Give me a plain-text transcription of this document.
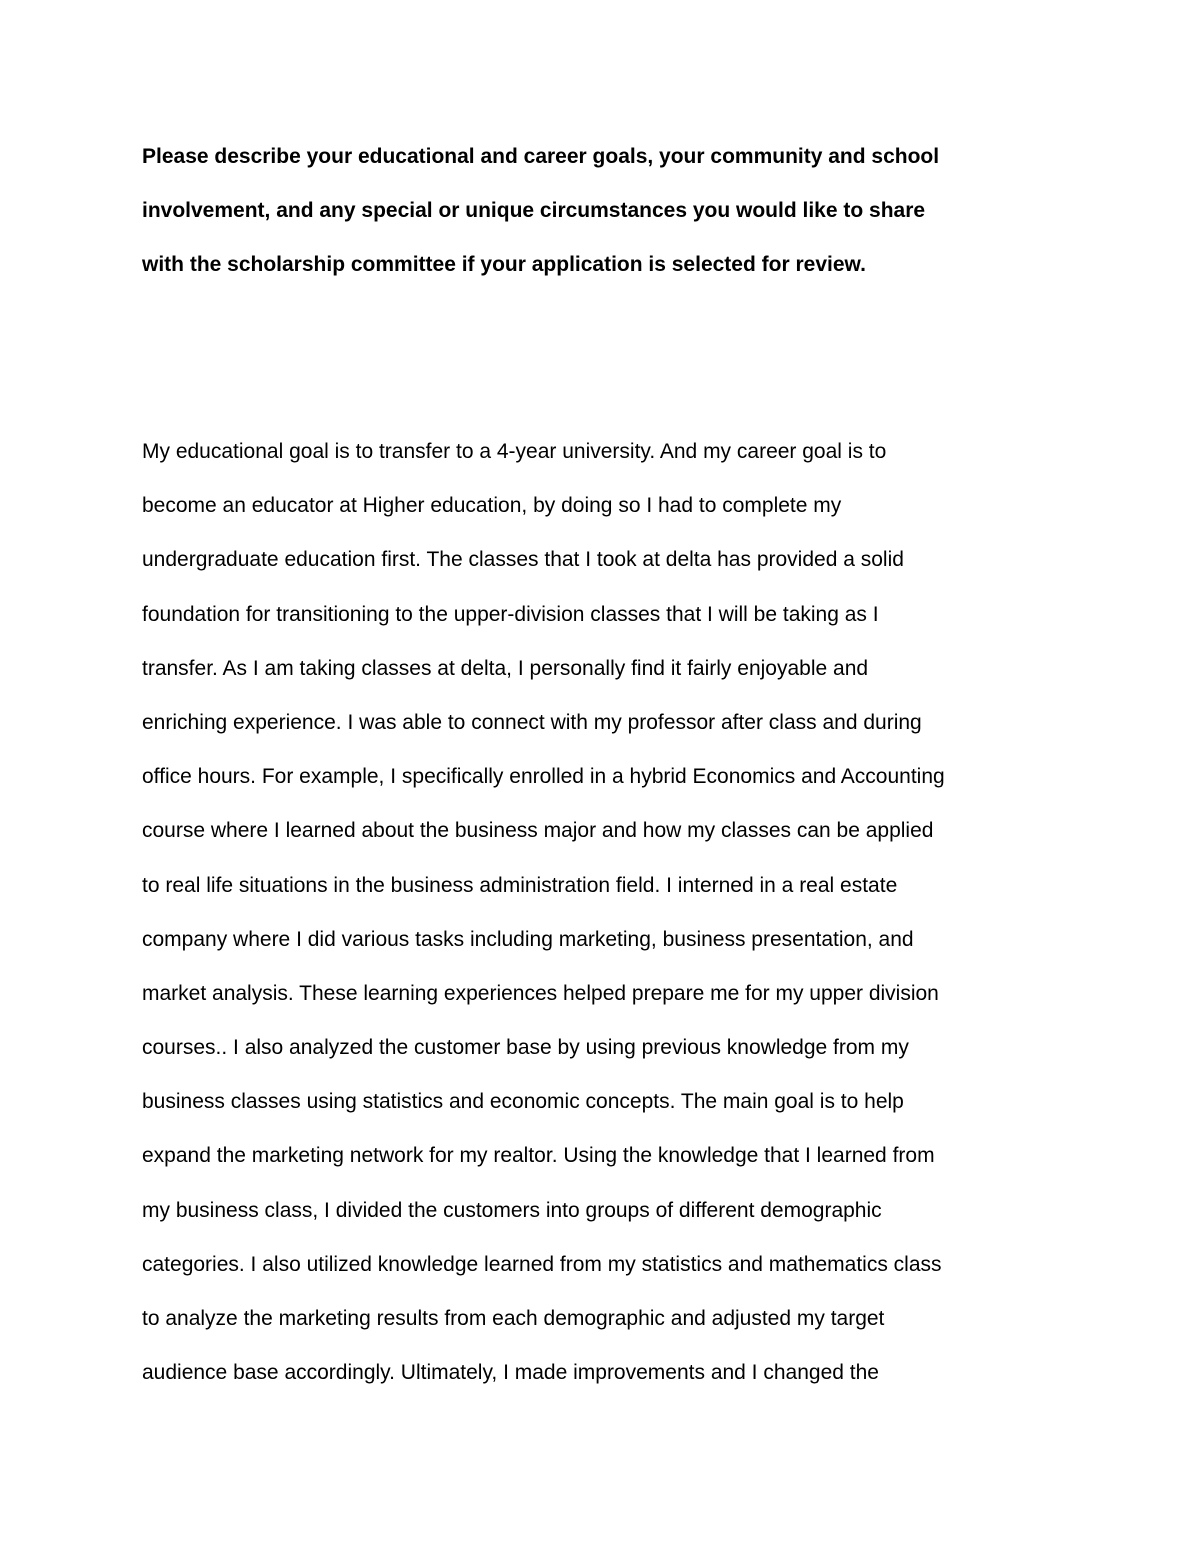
Please describe your educational and career goals, your community and school
involvement, and any special or unique circumstances you would like to share
with the scholarship committee if your application is selected for review.
My educational goal is to transfer to a 4-year university. And my career goal is to
become an educator at Higher education, by doing so I had to complete my
undergraduate education first. The classes that I took at delta has provided a solid
foundation for transitioning to the upper-division classes that I will be taking as I
transfer. As I am taking classes at delta, I personally find it fairly enjoyable and
enriching experience. I was able to connect with my professor after class and during
office hours. For example, I specifically enrolled in a hybrid Economics and Accounting
course where I learned about the business major and how my classes can be applied
to real life situations in the business administration field. I interned in a real estate
company where I did various tasks including marketing, business presentation, and
market analysis. These learning experiences helped prepare me for my upper division
courses.. I also analyzed the customer base by using previous knowledge from my
business classes using statistics and economic concepts. The main goal is to help
expand the marketing network for my realtor. Using the knowledge that I learned from
my business class, I divided the customers into groups of different demographic
categories. I also utilized knowledge learned from my statistics and mathematics class
to analyze the marketing results from each demographic and adjusted my target
audience base accordingly. Ultimately, I made improvements and I changed the
